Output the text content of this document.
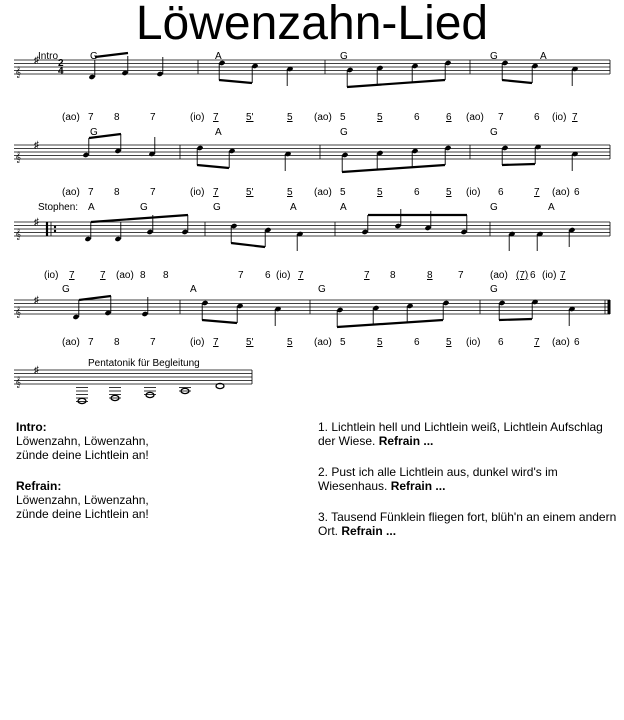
Löwenzahn-Lied
𝄞
♯ 2
4
Intro	G	A	G	G	A
(ao) 7 8	7	(io) 7	5'	5 (ao) 5	5	6	6 (ao) 7	6 (io) 7
𝄞
♯
G	A	G	G
(ao) 7 8	7	(io) 7	5'	5 (ao) 5	5	6	5 (io) 6	7 (ao) 6
𝄞
♯
Stophen: A	G	G	A	A	G	A
(io) 7	7 (ao) 8 8	7 6 (io) 7	7 8	8	7	(ao) (7) 6 (io) 7
𝄞
♯
G	A	G	G
(ao) 7 8	7	(io) 7	5'	5 (ao) 5	5	6	5 (io) 6	7 (ao) 6
𝄞
♯
Pentatonik für Begleitung

Intro:
Löwenzahn, Löwenzahn,
zünde deine Lichtlein an!

Refrain:
Löwenzahn, Löwenzahn,
zünde deine Lichtlein an!

1. Lichtlein hell und Lichtlein weiß, Lichtlein Aufschlag der Wiese. Refrain ...

2. Pust ich alle Lichtlein aus, dunkel wird's im Wiesenhaus. Refrain ...

3. Tausend Fünklein fliegen fort, blüh'n an einem andern Ort. Refrain ...
